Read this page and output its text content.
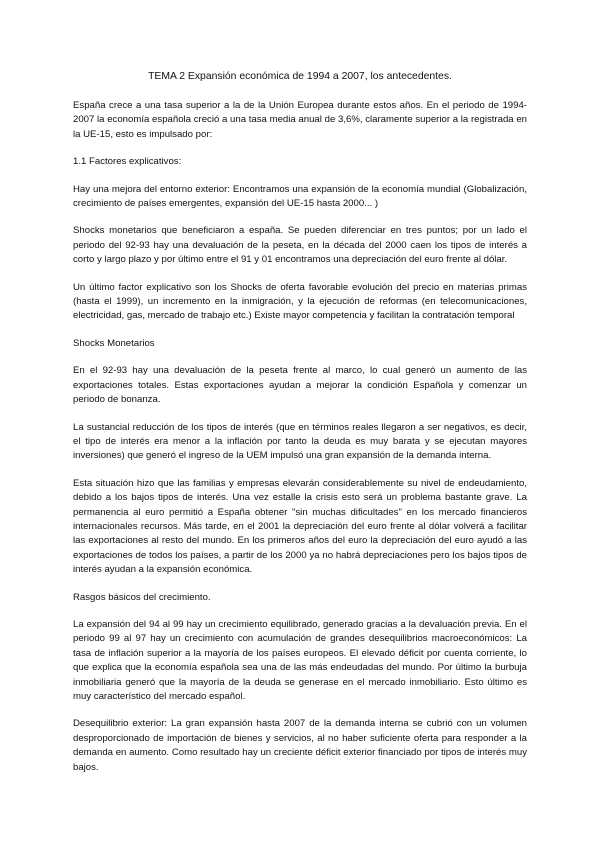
TEMA 2 Expansión económica de 1994 a 2007, los antecedentes.

España crece a una tasa superior a la de la Unión Europea durante estos años. En el periodo de 1994-2007 la economía española creció a una tasa media anual de 3,6%, claramente superior a la registrada en la UE-15, esto es impulsado por:

1.1 Factores explicativos:

Hay una mejora del entorno exterior: Encontramos una expansión de la economía mundial (Globalización, crecimiento de países emergentes, expansión del UE-15 hasta 2000... )

Shocks monetarios que beneficiaron a españa. Se pueden diferenciar en tres puntos; por un lado el periodo del 92-93 hay una devaluación de la peseta, en la década del 2000 caen los tipos de interés a corto y largo plazo y por último entre el 91 y 01 encontramos una depreciación del euro frente al dólar.

Un último factor explicativo son los Shocks de oferta favorable evolución del precio en materias primas (hasta el 1999), un incremento en la inmigración, y la ejecución de reformas (en telecomunicaciones, electricidad, gas, mercado de trabajo etc.) Existe mayor competencia y facilitan la contratación temporal

Shocks Monetarios

En el 92-93 hay una devaluación de la peseta frente al marco, lo cual generó un aumento de las exportaciones totales. Estas exportaciones ayudan a mejorar la condición Española y comenzar un periodo de bonanza.

La sustancial reducción de los tipos de interés (que en términos reales llegaron a ser negativos, es decir, el tipo de interés era menor a la inflación por tanto la deuda es muy barata y se ejecutan mayores inversiones) que generó el ingreso de la UEM impulsó una gran expansión de la demanda interna.

Esta situación hizo que las familias y empresas elevarán considerablemente su nivel de endeudamiento, debido a los bajos tipos de interés. Una vez estalle la crisis esto será un problema bastante grave. La permanencia al euro permitió a España obtener "sin muchas dificultades" en los mercado financieros internacionales recursos. Más tarde, en el 2001 la depreciación del euro frente al dólar volverá a facilitar las exportaciones al resto del mundo. En los primeros años del euro la depreciación del euro ayudó a las exportaciones de todos los países, a partir de los 2000 ya no habrá depreciaciones pero los bajos tipos de interés ayudan a la expansión económica.

Rasgos básicos del crecimiento.

La expansión del 94 al 99 hay un crecimiento equilibrado, generado gracias a la devaluación previa. En el periodo 99 al 97 hay un crecimiento con acumulación de grandes desequilibrios macroeconómicos: La tasa de inflación superior a la mayoría de los países europeos. El elevado déficit por cuenta corriente, lo que explica que la economía española sea una de las más endeudadas del mundo. Por último la burbuja inmobiliaria generó que la mayoría de la deuda se generase en el mercado inmobiliario. Esto último es muy característico del mercado español.

Desequilibrio exterior: La gran expansión hasta 2007 de la demanda interna se cubrió con un volumen desproporcionado de importación de bienes y servicios, al no haber suficiente oferta para responder a la demanda en aumento. Como resultado hay un creciente déficit exterior financiado por tipos de interés muy bajos.
